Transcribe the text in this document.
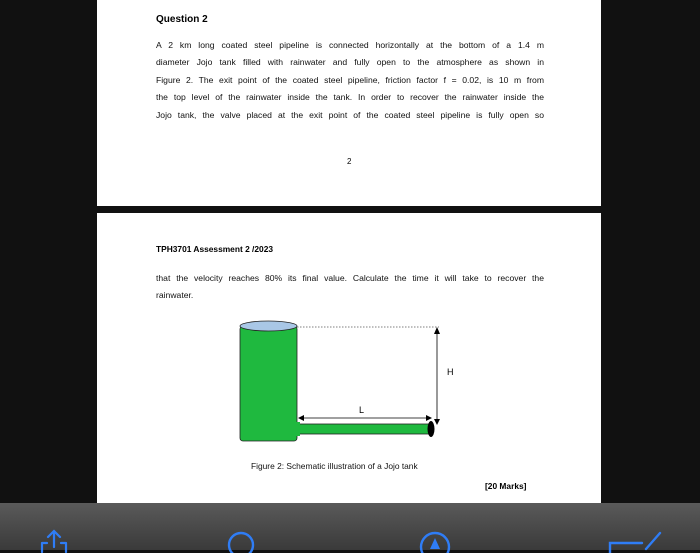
Question 2
A 2 km long coated steel pipeline is connected horizontally at the bottom of a 1.4 m
diameter Jojo tank filled with rainwater and fully open to the atmosphere as shown in
Figure 2. The exit point of the coated steel pipeline, friction factor f = 0.02, is 10 m from
the top level of the rainwater inside the tank. In order to recover the rainwater inside the
Jojo tank, the valve placed at the exit point of the coated steel pipeline is fully open so
2
TPH3701 Assessment 2 /2023
that the velocity reaches 80% its final value. Calculate the time it will take to recover the
rainwater.
H
L
Figure 2: Schematic illustration of a Jojo tank
[20 Marks]
